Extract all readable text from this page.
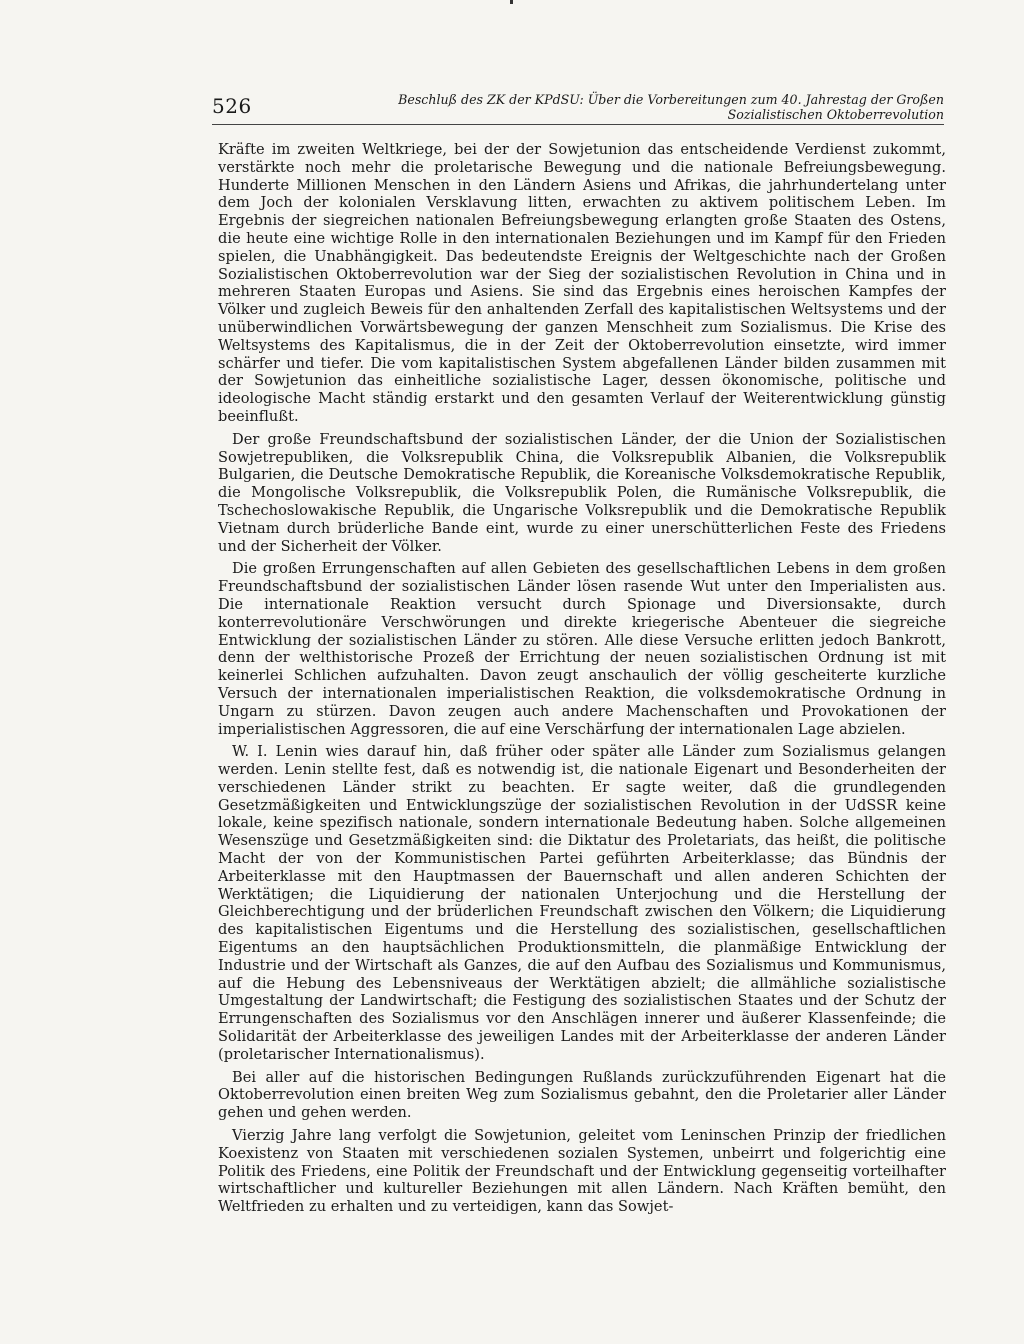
526	Beschluß des ZK der KPdSU: Über die Vorbereitungen zum 40. Jahrestag der Großen
Sozialistischen Oktoberrevolution

Kräfte im zweiten Weltkriege, bei der der Sowjetunion das entscheidende Verdienst zukommt, verstärkte noch mehr die proletarische Bewegung und die nationale Befreiungsbewegung. Hunderte Millionen Menschen in den Ländern Asiens und Afrikas, die jahrhundertelang unter dem Joch der kolonialen Versklavung litten, erwachten zu aktivem politischem Leben. Im Ergebnis der siegreichen nationalen Befreiungsbewegung erlangten große Staaten des Ostens, die heute eine wichtige Rolle in den internationalen Beziehungen und im Kampf für den Frieden spielen, die Unabhängigkeit. Das bedeutendste Ereignis der Weltgeschichte nach der Großen Sozialistischen Oktoberrevolution war der Sieg der sozialistischen Revolution in China und in mehreren Staaten Europas und Asiens. Sie sind das Ergebnis eines heroischen Kampfes der Völker und zugleich Beweis für den anhaltenden Zerfall des kapitalistischen Weltsystems und der unüberwindlichen Vorwärtsbewegung der ganzen Menschheit zum Sozialismus. Die Krise des Weltsystems des Kapitalismus, die in der Zeit der Oktoberrevolution einsetzte, wird immer schärfer und tiefer. Die vom kapitalistischen System abgefallenen Länder bilden zusammen mit der Sowjetunion das einheitliche sozialistische Lager, dessen ökonomische, politische und ideologische Macht ständig erstarkt und den gesamten Verlauf der Weiterentwicklung günstig beeinflußt.

Der große Freundschaftsbund der sozialistischen Länder, der die Union der Sozialistischen Sowjetrepubliken, die Volksrepublik China, die Volksrepublik Albanien, die Volksrepublik Bulgarien, die Deutsche Demokratische Republik, die Koreanische Volksdemokratische Republik, die Mongolische Volksrepublik, die Volksrepublik Polen, die Rumänische Volksrepublik, die Tschechoslowakische Republik, die Ungarische Volksrepublik und die Demokratische Republik Vietnam durch brüderliche Bande eint, wurde zu einer unerschütterlichen Feste des Friedens und der Sicherheit der Völker.

Die großen Errungenschaften auf allen Gebieten des gesellschaftlichen Lebens in dem großen Freundschaftsbund der sozialistischen Länder lösen rasende Wut unter den Imperialisten aus. Die internationale Reaktion versucht durch Spionage und Diversionsakte, durch konterrevolutionäre Verschwörungen und direkte kriegerische Abenteuer die siegreiche Entwicklung der sozialistischen Länder zu stören. Alle diese Versuche erlitten jedoch Bankrott, denn der welthistorische Prozeß der Errichtung der neuen sozialistischen Ordnung ist mit keinerlei Schlichen aufzuhalten. Davon zeugt anschaulich der völlig gescheiterte kurzliche Versuch der internationalen imperialistischen Reaktion, die volksdemokratische Ordnung in Ungarn zu stürzen. Davon zeugen auch andere Machenschaften und Provokationen der imperialistischen Aggressoren, die auf eine Verschärfung der internationalen Lage abzielen.

W. I. Lenin wies darauf hin, daß früher oder später alle Länder zum Sozialismus gelangen werden. Lenin stellte fest, daß es notwendig ist, die nationale Eigenart und Besonderheiten der verschiedenen Länder strikt zu beachten. Er sagte weiter, daß die grundlegenden Gesetzmäßigkeiten und Entwicklungszüge der sozialistischen Revolution in der UdSSR keine lokale, keine spezifisch nationale, sondern internationale Bedeutung haben. Solche allgemeinen Wesenszüge und Gesetzmäßigkeiten sind: die Diktatur des Proletariats, das heißt, die politische Macht der von der Kommunistischen Partei geführten Arbeiterklasse; das Bündnis der Arbeiterklasse mit den Hauptmassen der Bauernschaft und allen anderen Schichten der Werktätigen; die Liquidierung der nationalen Unterjochung und die Herstellung der Gleichberechtigung und der brüderlichen Freundschaft zwischen den Völkern; die Liquidierung des kapitalistischen Eigentums und die Herstellung des sozialistischen, gesellschaftlichen Eigentums an den hauptsächlichen Produktionsmitteln, die planmäßige Entwicklung der Industrie und der Wirtschaft als Ganzes, die auf den Aufbau des Sozialismus und Kommunismus, auf die Hebung des Lebensniveaus der Werktätigen abzielt; die allmähliche sozialistische Umgestaltung der Landwirtschaft; die Festigung des sozialistischen Staates und der Schutz der Errungenschaften des Sozialismus vor den Anschlägen innerer und äußerer Klassenfeinde; die Solidarität der Arbeiterklasse des jeweiligen Landes mit der Arbeiterklasse der anderen Länder (proletarischer Internationalismus).

Bei aller auf die historischen Bedingungen Rußlands zurückzuführenden Eigenart hat die Oktoberrevolution einen breiten Weg zum Sozialismus gebahnt, den die Proletarier aller Länder gehen und gehen werden.

Vierzig Jahre lang verfolgt die Sowjetunion, geleitet vom Leninschen Prinzip der friedlichen Koexistenz von Staaten mit verschiedenen sozialen Systemen, unbeirrt und folgerichtig eine Politik des Friedens, eine Politik der Freundschaft und der Entwicklung gegenseitig vorteilhafter wirtschaftlicher und kultureller Beziehungen mit allen Ländern. Nach Kräften bemüht, den Weltfrieden zu erhalten und zu verteidigen, kann das Sowjet-
